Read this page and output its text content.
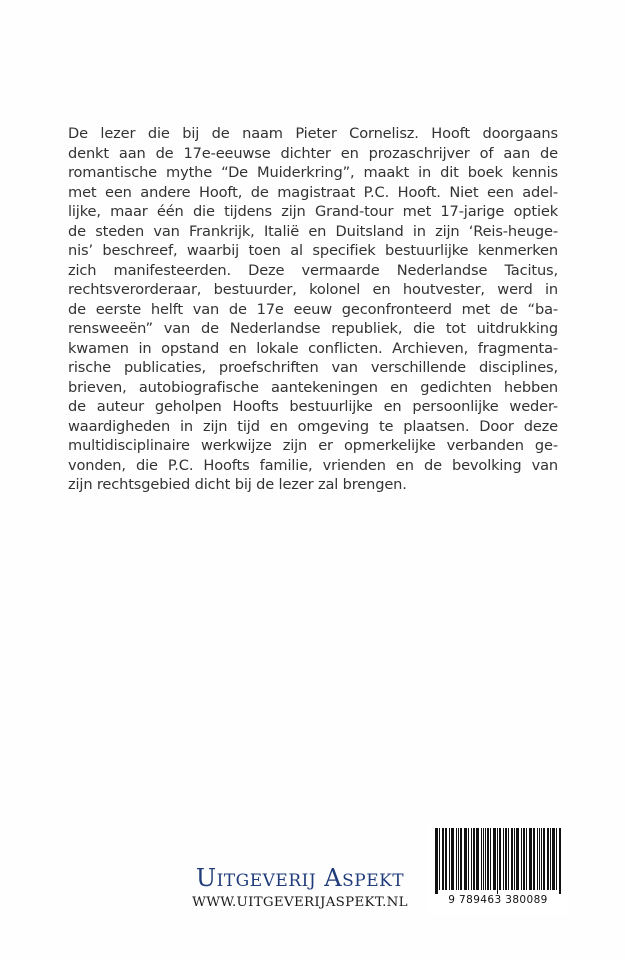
De lezer die bij de naam Pieter Cornelisz. Hooft doorgaans
denkt aan de 17e-eeuwse dichter en prozaschrijver of aan de
romantische mythe “De Muiderkring”, maakt in dit boek kennis
met een andere Hooft, de magistraat P.C. Hooft. Niet een adel-
lijke, maar één die tijdens zijn Grand-tour met 17-jarige optiek
de steden van Frankrijk, Italië en Duitsland in zijn ‘Reis-heuge-
nis’ beschreef, waarbij toen al specifiek bestuurlijke kenmerken
zich manifesteerden. Deze vermaarde Nederlandse Tacitus,
rechtsverorderaar, bestuurder, kolonel en houtvester, werd in
de eerste helft van de 17e eeuw geconfronteerd met de “ba-
rensweeën” van de Nederlandse republiek, die tot uitdrukking
kwamen in opstand en lokale conflicten. Archieven, fragmenta-
rische publicaties, proefschriften van verschillende disciplines,
brieven, autobiografische aantekeningen en gedichten hebben
de auteur geholpen Hoofts bestuurlijke en persoonlijke weder-
waardigheden in zijn tijd en omgeving te plaatsen. Door deze
multidisciplinaire werkwijze zijn er opmerkelijke verbanden ge-
vonden, die P.C. Hoofts familie, vrienden en de bevolking van
zijn rechtsgebied dicht bij de lezer zal brengen.
Uitgeverij Aspekt
WWW.UITGEVERIJASPEKT.NL	9 789463 380089
